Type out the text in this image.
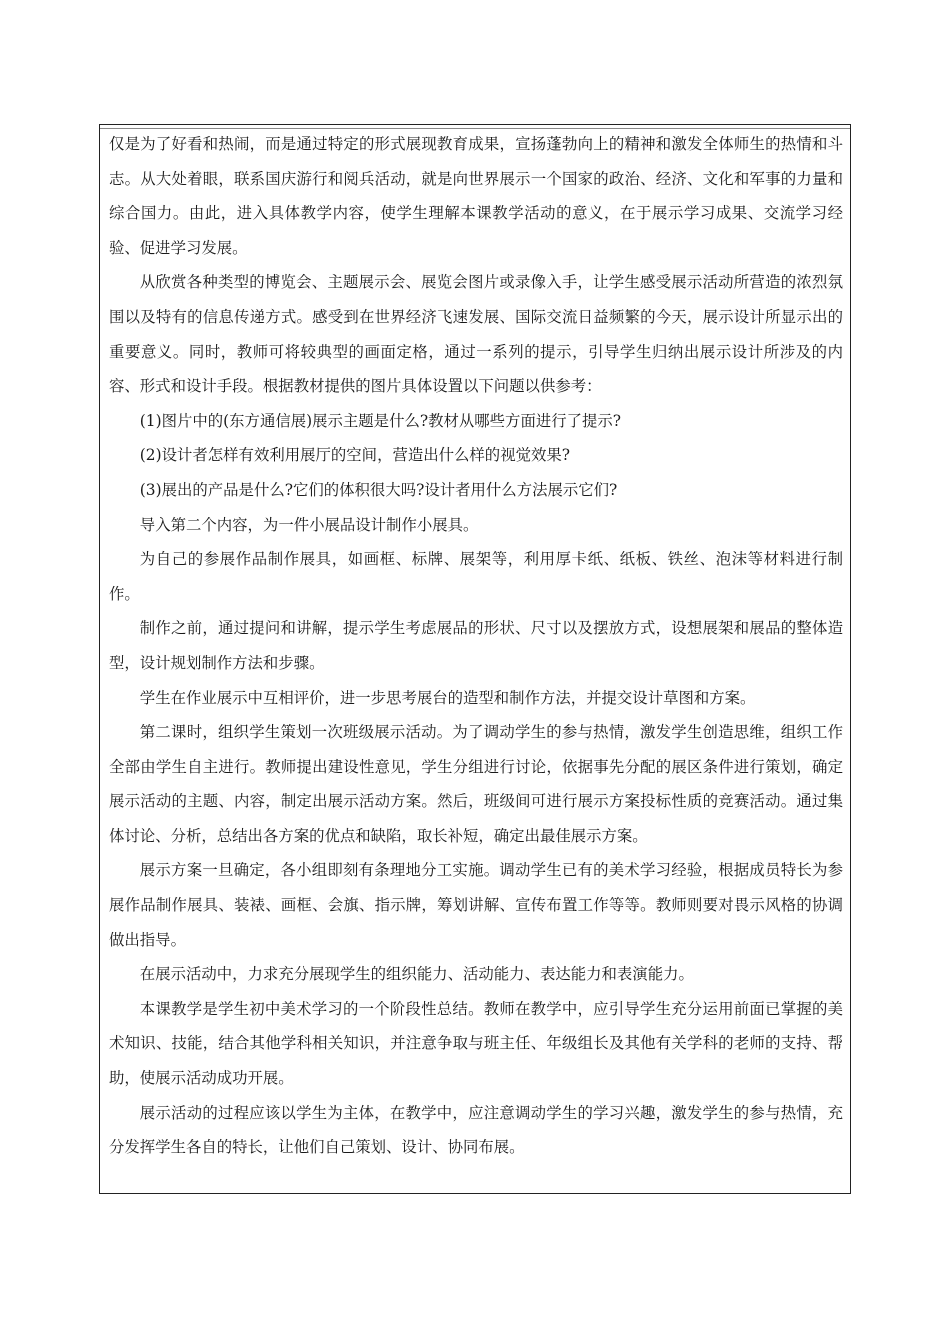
仅是为了好看和热闹，而是通过特定的形式展现教育成果，宣扬蓬勃向上的精神和激发全体师生的热情和斗志。从大处着眼，联系国庆游行和阅兵活动，就是向世界展示一个国家的政治、经济、文化和军事的力量和综合国力。由此，进入具体教学内容，使学生理解本课教学活动的意义，在于展示学习成果、交流学习经验、促进学习发展。

从欣赏各种类型的博览会、主题展示会、展览会图片或录像入手，让学生感受展示活动所营造的浓烈氛围以及特有的信息传递方式。感受到在世界经济飞速发展、国际交流日益频繁的今天，展示设计所显示出的重要意义。同时，教师可将较典型的画面定格，通过一系列的提示，引导学生归纳出展示设计所涉及的内容、形式和设计手段。根据教材提供的图片具体设置以下问题以供参考：

(1)图片中的(东方通信展)展示主题是什么?教材从哪些方面进行了提示?

(2)设计者怎样有效利用展厅的空间，营造出什么样的视觉效果?

(3)展出的产品是什么?它们的体积很大吗?设计者用什么方法展示它们?

导入第二个内容，为一件小展品设计制作小展具。

为自己的参展作品制作展具，如画框、标牌、展架等，利用厚卡纸、纸板、铁丝、泡沫等材料进行制作。

制作之前，通过提问和讲解，提示学生考虑展品的形状、尺寸以及摆放方式，设想展架和展品的整体造型，设计规划制作方法和步骤。

学生在作业展示中互相评价，进一步思考展台的造型和制作方法，并提交设计草图和方案。

第二课时，组织学生策划一次班级展示活动。为了调动学生的参与热情，激发学生创造思维，组织工作全部由学生自主进行。教师提出建设性意见，学生分组进行讨论，依据事先分配的展区条件进行策划，确定展示活动的主题、内容，制定出展示活动方案。然后，班级间可进行展示方案投标性质的竞赛活动。通过集体讨论、分析，总结出各方案的优点和缺陷，取长补短，确定出最佳展示方案。

展示方案一旦确定，各小组即刻有条理地分工实施。调动学生已有的美术学习经验，根据成员特长为参展作品制作展具、装裱、画框、会旗、指示牌，筹划讲解、宣传布置工作等等。教师则要对畏示风格的协调做出指导。

在展示活动中，力求充分展现学生的组织能力、活动能力、表达能力和表演能力。

本课教学是学生初中美术学习的一个阶段性总结。教师在教学中，应引导学生充分运用前面已掌握的美术知识、技能，结合其他学科相关知识，并注意争取与班主任、年级组长及其他有关学科的老师的支持、帮助，使展示活动成功开展。

展示活动的过程应该以学生为主体，在教学中，应注意调动学生的学习兴趣，激发学生的参与热情，充分发挥学生各自的特长，让他们自己策划、设计、协同布展。
